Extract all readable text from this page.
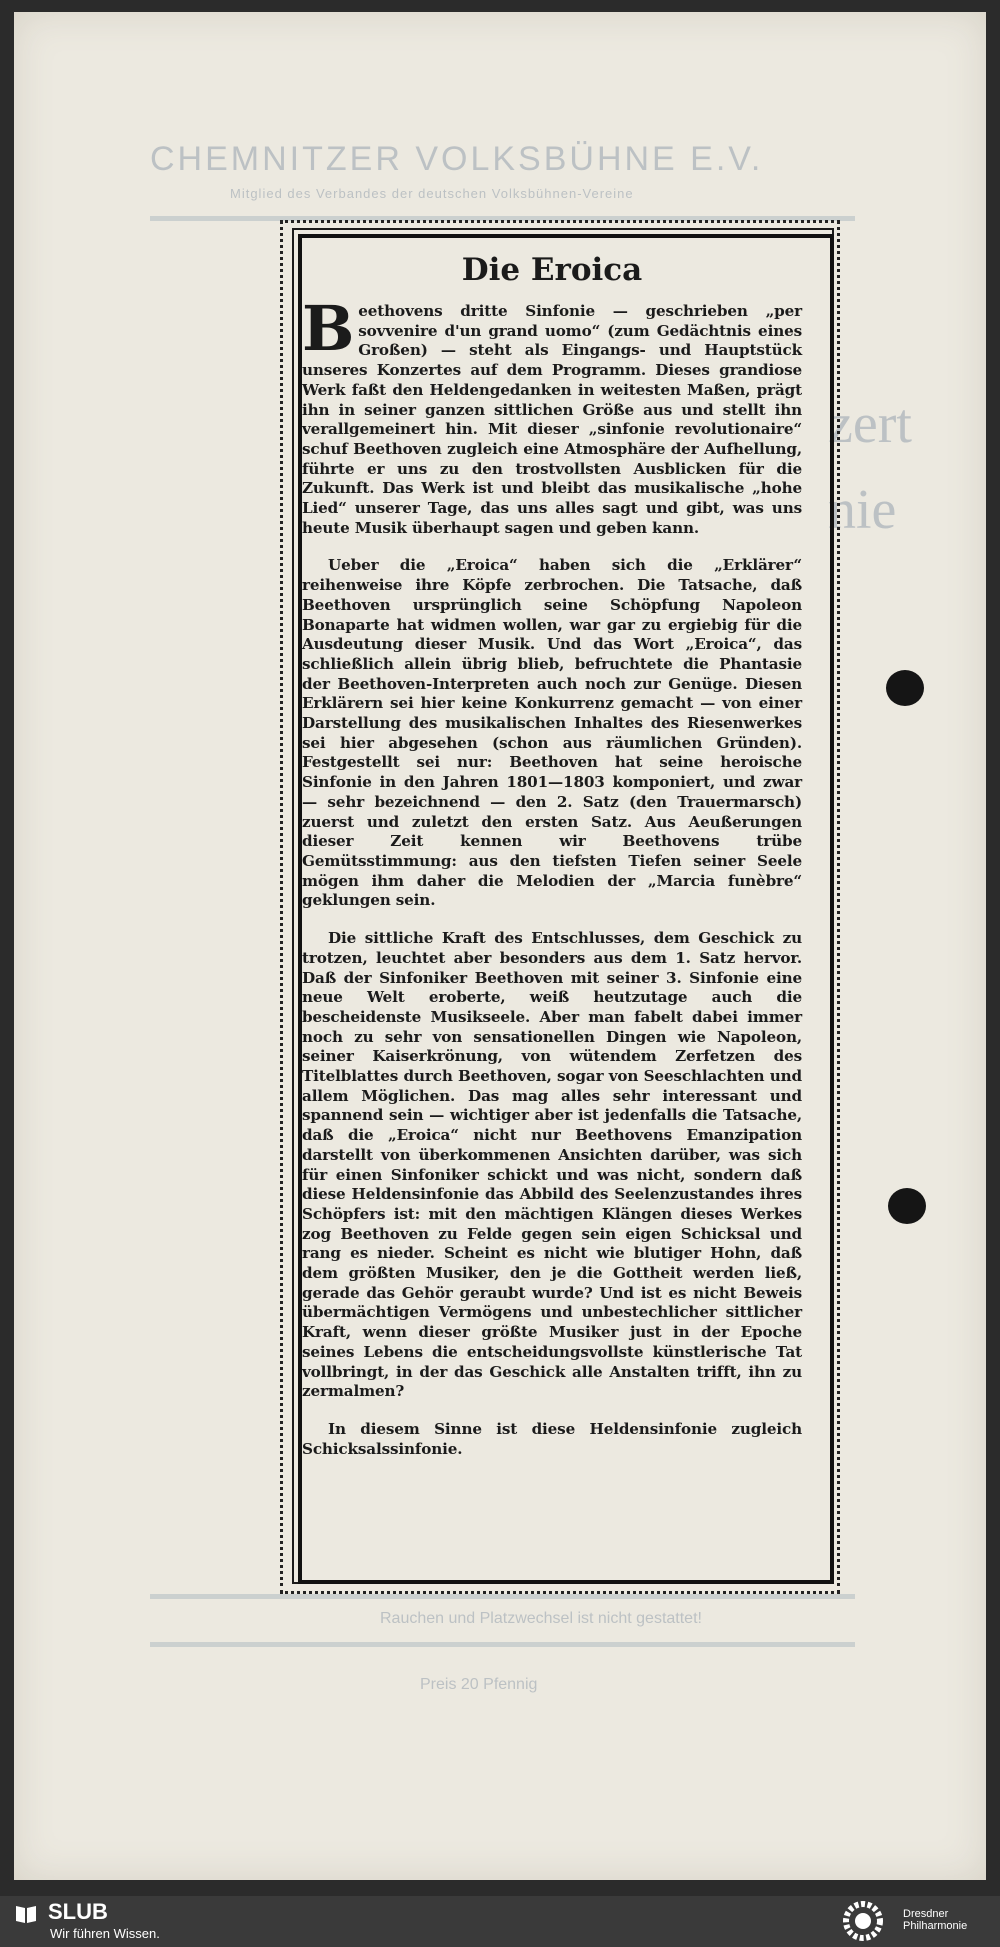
CHEMNITZER VOLKSBÜHNE E.V.
Mitglied des Verbandes der deutschen Volksbühnen-Vereine
zert
nie
Rauchen und Platzwechsel ist nicht gestattet!
Preis 20 Pfennig
Die Eroica

Beethovens dritte Sinfonie — geschrieben „per sovvenire d'un grand uomo“ (zum Gedächtnis eines Großen) — steht als Eingangs- und Hauptstück unseres Konzertes auf dem Programm. Dieses grandiose Werk faßt den Heldengedanken in weitesten Maßen, prägt ihn in seiner ganzen sittlichen Größe aus und stellt ihn verallgemeinert hin. Mit dieser „sinfonie revolutionaire“ schuf Beethoven zugleich eine Atmosphäre der Aufhellung, führte er uns zu den trostvollsten Ausblicken für die Zukunft. Das Werk ist und bleibt das musikalische „hohe Lied“ unserer Tage, das uns alles sagt und gibt, was uns heute Musik überhaupt sagen und geben kann.

Ueber die „Eroica“ haben sich die „Erklärer“ reihenweise ihre Köpfe zerbrochen. Die Tatsache, daß Beethoven ursprünglich seine Schöpfung Napoleon Bonaparte hat widmen wollen, war gar zu ergiebig für die Ausdeutung dieser Musik. Und das Wort „Eroica“, das schließlich allein übrig blieb, befruchtete die Phantasie der Beethoven-Interpreten auch noch zur Genüge. Diesen Erklärern sei hier keine Konkurrenz gemacht — von einer Darstellung des musikalischen Inhaltes des Riesenwerkes sei hier abgesehen (schon aus räumlichen Gründen). Festgestellt sei nur: Beethoven hat seine heroische Sinfonie in den Jahren 1801—1803 komponiert, und zwar — sehr bezeichnend — den 2. Satz (den Trauermarsch) zuerst und zuletzt den ersten Satz. Aus Aeußerungen dieser Zeit kennen wir Beethovens trübe Gemütsstimmung: aus den tiefsten Tiefen seiner Seele mögen ihm daher die Melodien der „Marcia funèbre“ geklungen sein.

Die sittliche Kraft des Entschlusses, dem Geschick zu trotzen, leuchtet aber besonders aus dem 1. Satz hervor. Daß der Sinfoniker Beethoven mit seiner 3. Sinfonie eine neue Welt eroberte, weiß heutzutage auch die bescheidenste Musikseele. Aber man fabelt dabei immer noch zu sehr von sensationellen Dingen wie Napoleon, seiner Kaiserkrönung, von wütendem Zerfetzen des Titelblattes durch Beethoven, sogar von Seeschlachten und allem Möglichen. Das mag alles sehr interessant und spannend sein — wichtiger aber ist jedenfalls die Tatsache, daß die „Eroica“ nicht nur Beethovens Emanzipation darstellt von überkommenen Ansichten darüber, was sich für einen Sinfoniker schickt und was nicht, sondern daß diese Heldensinfonie das Abbild des Seelenzustandes ihres Schöpfers ist: mit den mächtigen Klängen dieses Werkes zog Beethoven zu Felde gegen sein eigen Schicksal und rang es nieder. Scheint es nicht wie blutiger Hohn, daß dem größten Musiker, den je die Gottheit werden ließ, gerade das Gehör geraubt wurde? Und ist es nicht Beweis übermächtigen Vermögens und unbestechlicher sittlicher Kraft, wenn dieser größte Musiker just in der Epoche seines Lebens die entscheidungsvollste künstlerische Tat vollbringt, in der das Geschick alle Anstalten trifft, ihn zu zermalmen?

In diesem Sinne ist diese Heldensinfonie zugleich Schicksalssinfonie.

SLUB
Wir führen Wissen.
Dresdner
Philharmonie
